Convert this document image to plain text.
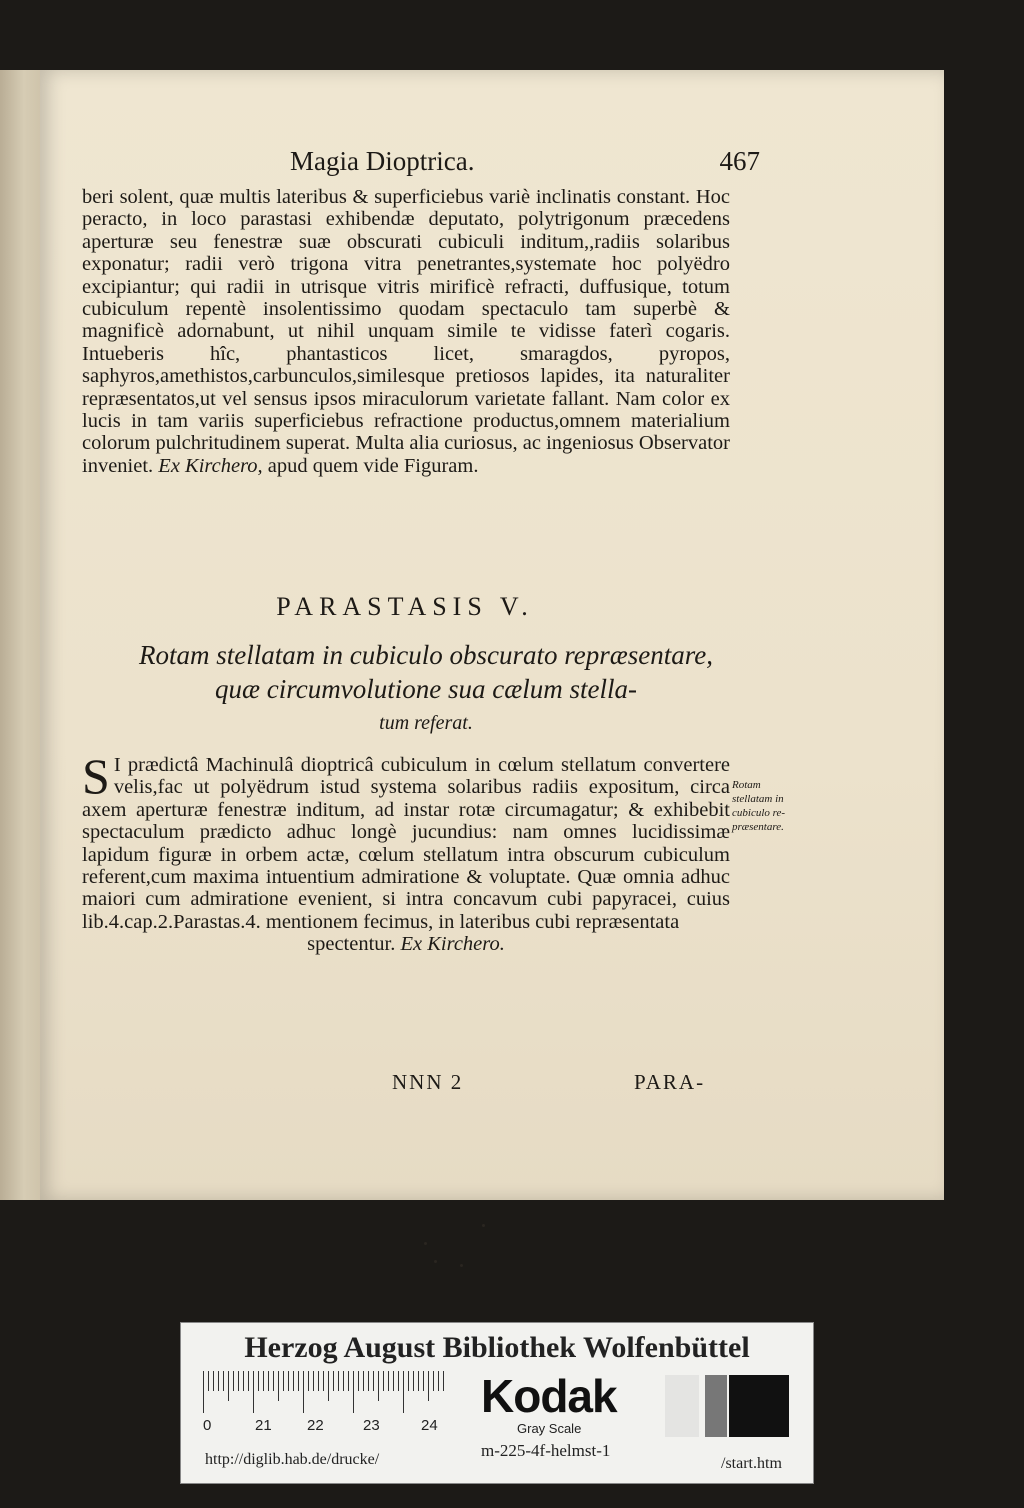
Magia Dioptrica.	467

beri solent, quæ multis lateribus & superficiebus variè inclinatis constant. Hoc peracto, in loco parastasi exhibendæ deputato, polytrigonum præcedens aperturæ seu fenestræ suæ obscurati cubiculi inditum,,radiis solaribus exponatur; radii verò trigona vitra penetrantes,systemate hoc polyëdro excipiantur; qui radii in utrisque vitris mirificè refracti, duffusique, totum cubiculum repentè insolentissimo quodam spectaculo tam superbè & magnificè adornabunt, ut nihil unquam simile te vidisse faterì cogaris. Intueberis hîc, phantasticos licet, smaragdos, pyropos, saphyros,amethistos,carbunculos,similesque pretiosos lapides, ita naturaliter repræsentatos,ut vel sensus ipsos miraculorum varietate fallant. Nam color ex lucis in tam variis superficiebus refractione productus,omnem materialium colorum pulchritudinem superat. Multa alia curiosus, ac ingeniosus Observator inveniet. Ex Kirchero, apud quem vide Figuram.

PARASTASIS V.
Rotam stellatam in cubiculo obscurato repræsentare,
quæ circumvolutione sua cælum stella-
tum referat.

S I prædictâ Machinulâ dioptricâ cubiculum in cœlum stellatum convertere velis,fac ut polyëdrum istud systema solaribus radiis expositum, circa axem aperturæ fenestræ inditum, ad instar rotæ circumagatur; & exhibebit spectaculum prædicto adhuc longè jucundius: nam omnes lucidissimæ lapidum figuræ in orbem actæ, cœlum stellatum intra obscurum cubiculum referent,cum maxima intuentium admiratione & voluptate. Quæ omnia adhuc maiori cum admiratione evenient, si intra concavum cubi papyracei, cuius lib.4.cap.2.Parastas.4. mentionem fecimus, in lateribus cubi repræsentata

spectentur. Ex Kirchero.

Rotam
stellatam in
cubiculo re-
præsentare.
NNN 2	PARA-
Herzog August Bibliothek Wolfenbüttel
0	21 22	23	24
Kodak
Gray Scale
http://diglib.hab.de/drucke/	m-225-4f-helmst-1
/start.htm
